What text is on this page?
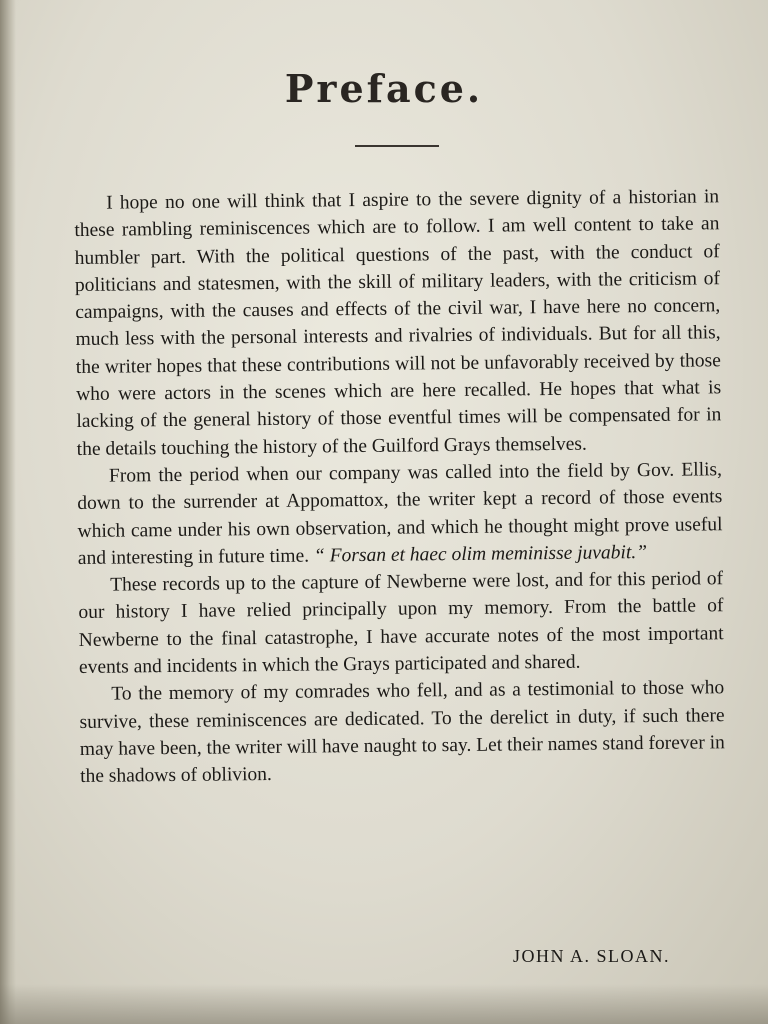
Preface.

I hope no one will think that I aspire to the severe dignity of a historian in these rambling reminiscences which are to follow. I am well content to take an humbler part. With the political questions of the past, with the conduct of politicians and statesmen, with the skill of military leaders, with the criticism of campaigns, with the causes and effects of the civil war, I have here no concern, much less with the personal interests and rivalries of individuals. But for all this, the writer hopes that these contributions will not be unfavorably received by those who were actors in the scenes which are here recalled. He hopes that what is lacking of the general history of those eventful times will be compensated for in the details touching the history of the Guilford Grays themselves.

From the period when our company was called into the field by Gov. Ellis, down to the surrender at Appomattox, the writer kept a record of those events which came under his own observation, and which he thought might prove useful and interesting in future time. “ Forsan et haec olim meminisse juvabit.”

These records up to the capture of Newberne were lost, and for this period of our history I have relied principally upon my memory. From the battle of Newberne to the final catastrophe, I have accurate notes of the most important events and incidents in which the Grays participated and shared.

To the memory of my comrades who fell, and as a testimonial to those who survive, these reminiscences are dedicated. To the derelict in duty, if such there may have been, the writer will have naught to say. Let their names stand forever in the shadows of oblivion.

JOHN A. SLOAN.
